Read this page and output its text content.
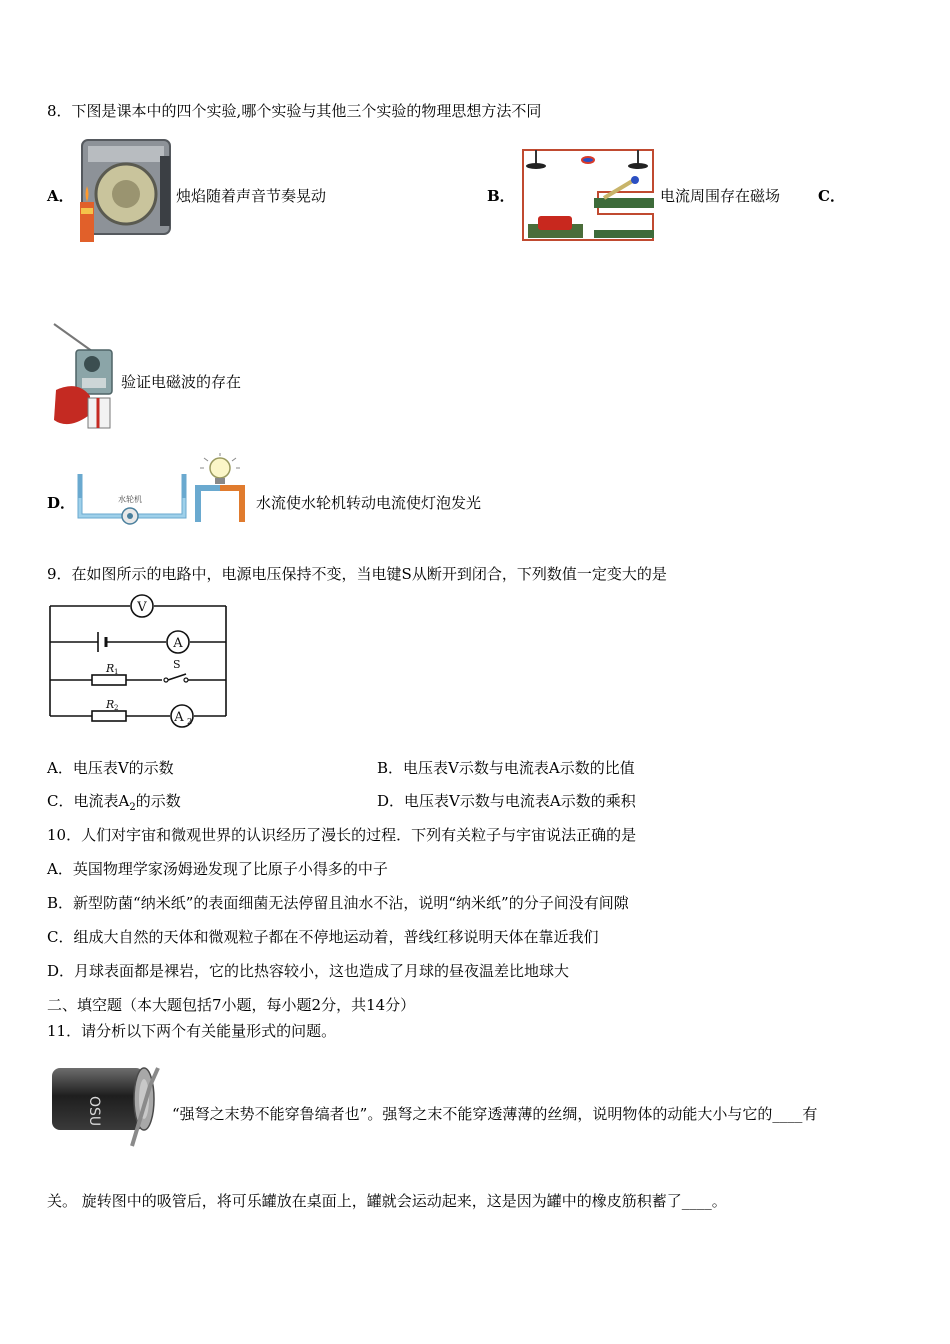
8．下图是课本中的四个实验,哪个实验与其他三个实验的物理思想方法不同
A．	烛焰随着声音节奏晃动	B．	电流周围存在磁场	C．
验证电磁波的存在
D．	水轮机	水流使水轮机转动电流使灯泡发光
9．在如图所示的电路中，电源电压保持不变，当电键S从断开到闭合，下列数值一定变大的是
V
A
A 2
R 1
R 2
S
A．电压表V的示数	B．电压表V示数与电流表A示数的比值
C．电流表$A_2$的示数	D．电压表V示数与电流表A示数的乘积
10．人们对宇宙和微观世界的认识经历了漫长的过程．下列有关粒子与宇宙说法正确的是
A．英国物理学家汤姆逊发现了比原子小得多的中子
B．新型防菌“纳米纸”的表面细菌无法停留且油水不沾，说明“纳米纸”的分子间没有间隙
C．组成大自然的天体和微观粒子都在不停地运动着，普线红移说明天体在靠近我们
D．月球表面都是裸岩，它的比热容较小，这也造成了月球的昼夜温差比地球大
二、填空题（本大题包括7小题，每小题2分，共14分）
11．请分析以下两个有关能量形式的问题。
OSU	“强弩之末势不能穿鲁缟者也”。强弩之末不能穿透薄薄的丝绸，说明物体的动能大小与它的____有
关。 旋转图中的吸管后，将可乐罐放在桌面上，罐就会运动起来，这是因为罐中的橡皮筋积蓄了____。
